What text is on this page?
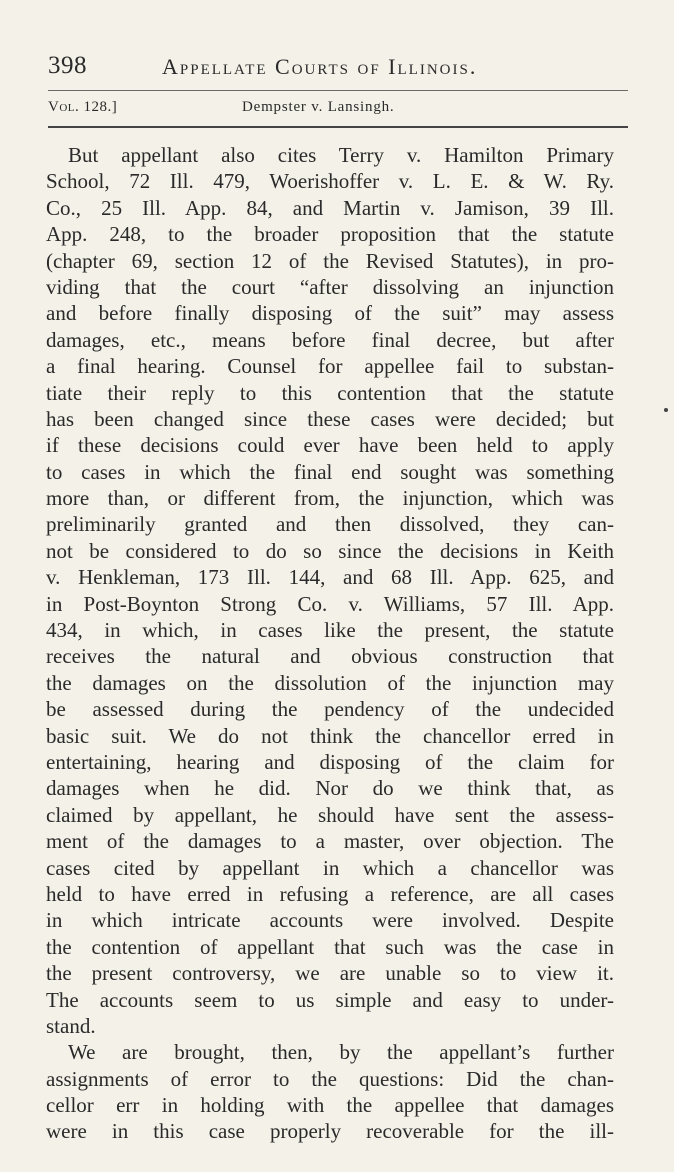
398	Appellate Courts of Illinois.
Vol. 128.]	Dempster v. Lansingh.
But appellant also cites Terry v. Hamilton Primary
School, 72 Ill. 479, Woerishoffer v. L. E. & W. Ry.
Co., 25 Ill. App. 84, and Martin v. Jamison, 39 Ill.
App. 248, to the broader proposition that the statute
(chapter 69, section 12 of the Revised Statutes), in pro-
viding that the court “after dissolving an injunction
and before finally disposing of the suit” may assess
damages, etc., means before final decree, but after
a final hearing. Counsel for appellee fail to substan-
tiate their reply to this contention that the statute
has been changed since these cases were decided; but
if these decisions could ever have been held to apply
to cases in which the final end sought was something
more than, or different from, the injunction, which was
preliminarily granted and then dissolved, they can-
not be considered to do so since the decisions in Keith
v. Henkleman, 173 Ill. 144, and 68 Ill. App. 625, and
in Post-Boynton Strong Co. v. Williams, 57 Ill. App.
434, in which, in cases like the present, the statute
receives the natural and obvious construction that
the damages on the dissolution of the injunction may
be assessed during the pendency of the undecided
basic suit. We do not think the chancellor erred in
entertaining, hearing and disposing of the claim for
damages when he did. Nor do we think that, as
claimed by appellant, he should have sent the assess-
ment of the damages to a master, over objection. The
cases cited by appellant in which a chancellor was
held to have erred in refusing a reference, are all cases
in which intricate accounts were involved. Despite
the contention of appellant that such was the case in
the present controversy, we are unable so to view it.
The accounts seem to us simple and easy to under-
stand.
We are brought, then, by the appellant’s further
assignments of error to the questions: Did the chan-
cellor err in holding with the appellee that damages
were in this case properly recoverable for the ill-
